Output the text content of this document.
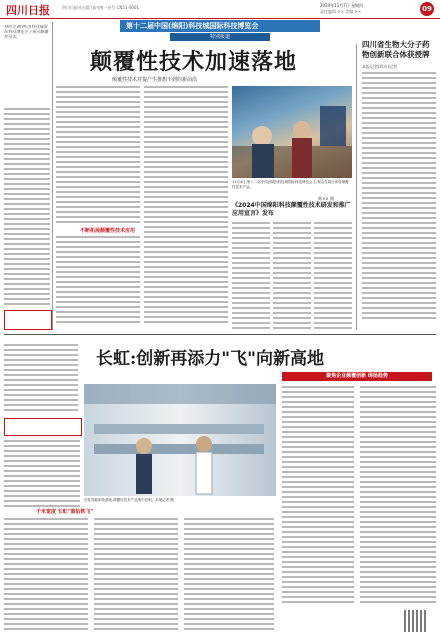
四川日报	四川日报社出版 国内统一刊号 CN51-0001	2024年11月7日 星期四
责任编辑 ×× 美编 ××	09
第十二届中国(绵阳)科技城国际科技博览会
特别报道
特约记者(四川)科技城国际科技博览会上展示颠覆性技术。
颠覆性技术加速落地
颠覆性技术对提产生推想不到的新前沿
不断拓展颠覆性技术应用
11月4日,第十二届中国(绵阳)科技城国际科技博览会上,观众在展台体验颠覆性技术产品。
陈×× 摄
《2024中国绵阳科技颠覆性技术研发和推广应用宣言》发布
四川省生物大分子药物创新联合体获授牌
本报记者(四川)记者
长虹:创新再添力"飞"向新高地
聚焦企业颠覆创新 绵扬趋势
长虹智能制造基地,颠覆性技术产品集中亮相。本报记者 摄
千米宽度 长虹"黑钻铁飞"
